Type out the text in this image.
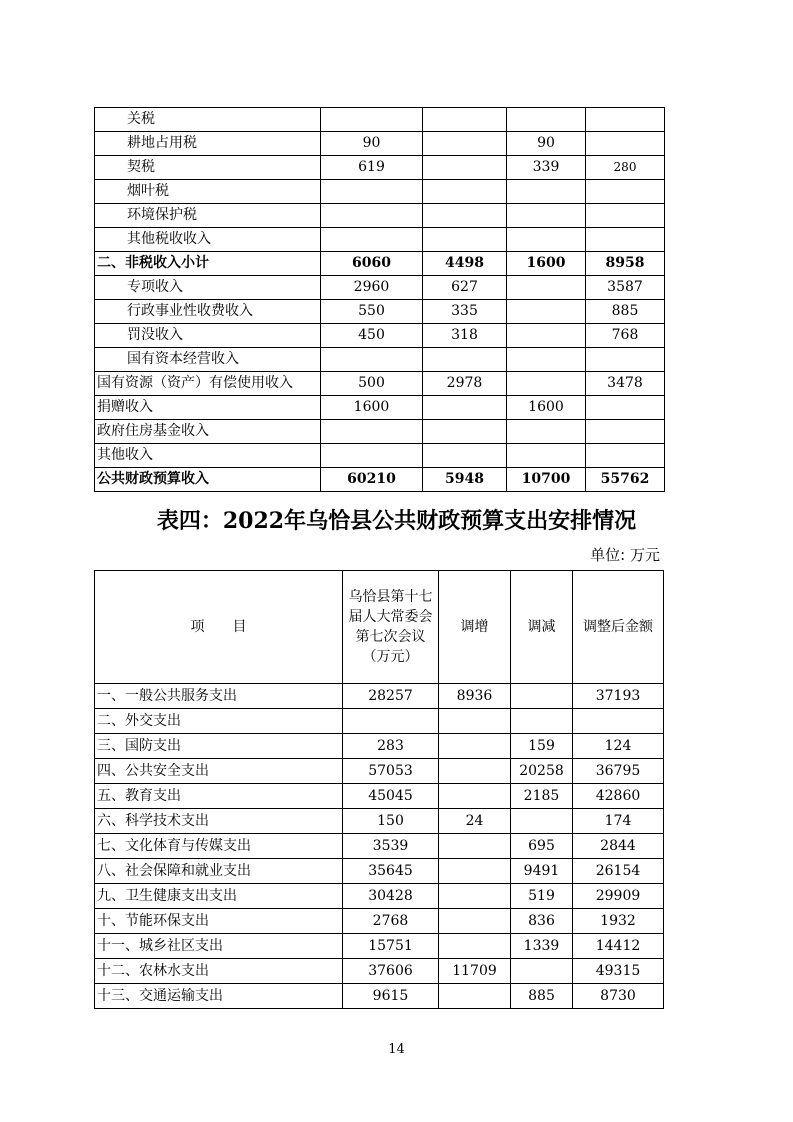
关税				
耕地占用税	90		90	
契税	619		339	280
烟叶税				
环境保护税				
其他税收收入				
二、非税收入小计	6060	4498	1600	8958
专项收入	2960	627		3587
行政事业性收费收入	550	335		885
罚没收入	450	318		768
国有资本经营收入				
国有资源（资产）有偿使用收入	500	2978		3478
捐赠收入	1600		1600	
政府住房基金收入				
其他收入				
公共财政预算收入	60210	5948	10700	55762
表四：2022年乌恰县公共财政预算支出安排情况
单位: 万元
项　　目	乌恰县第十七届人大常委会第七次会议（万元）	调增	调减	调整后金额
一、一般公共服务支出	28257	8936		37193
二、外交支出				
三、国防支出	283		159	124
四、公共安全支出	57053		20258	36795
五、教育支出	45045		2185	42860
六、科学技术支出	150	24		174
七、文化体育与传媒支出	3539		695	2844
八、社会保障和就业支出	35645		9491	26154
九、卫生健康支出支出	30428		519	29909
十、节能环保支出	2768		836	1932
十一、城乡社区支出	15751		1339	14412
十二、农林水支出	37606	11709		49315
十三、交通运输支出	9615		885	8730
14
